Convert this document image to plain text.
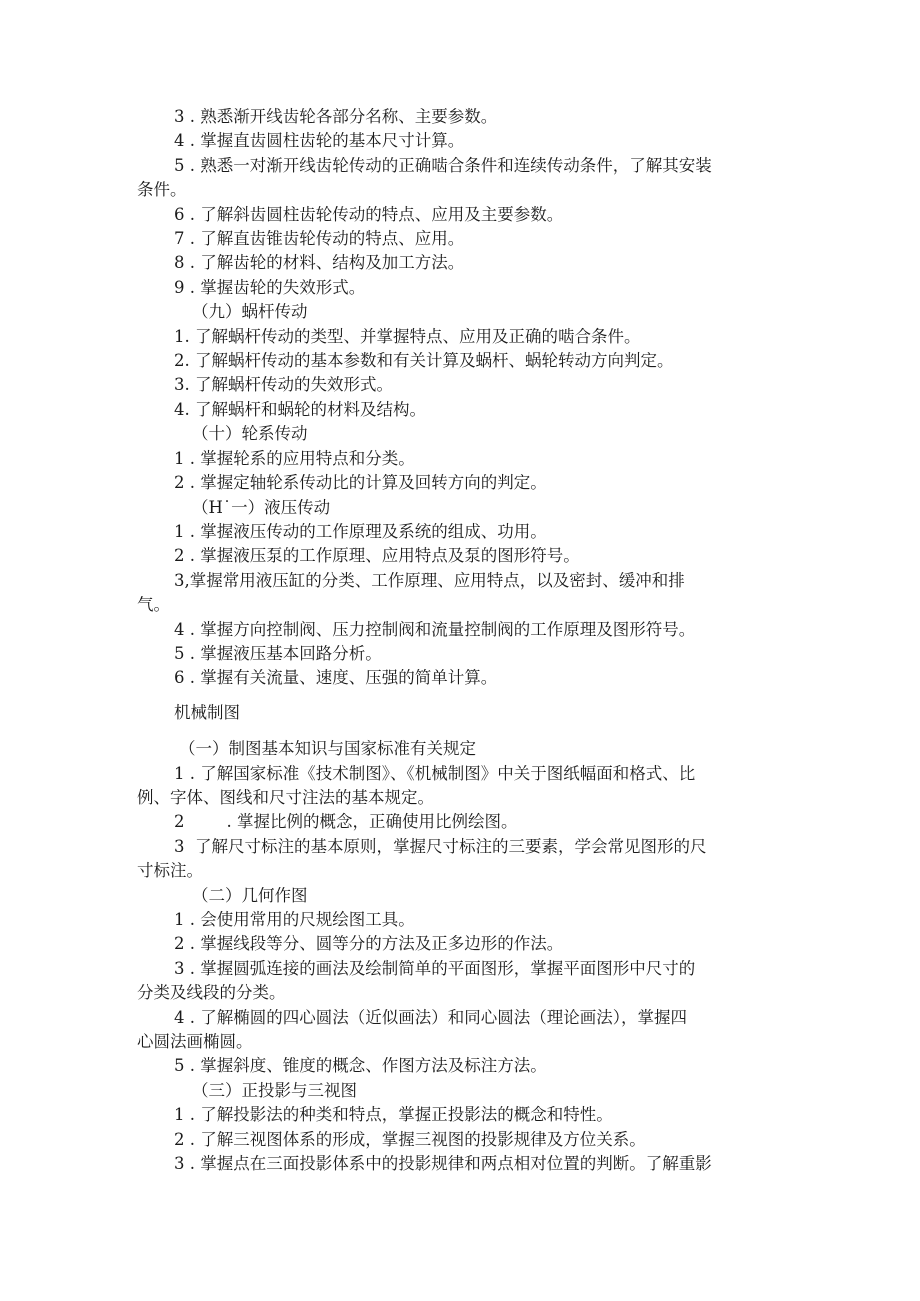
3 . 熟悉渐开线齿轮各部分名称、主要参数。
4 . 掌握直齿圆柱齿轮的基本尺寸计算。
5 . 熟悉一对渐开线齿轮传动的正确啮合条件和连续传动条件，了解其安装
条件。
6 . 了解斜齿圆柱齿轮传动的特点、应用及主要参数。
7 . 了解直齿锥齿轮传动的特点、应用。
8 . 了解齿轮的材料、结构及加工方法。
9 . 掌握齿轮的失效形式。
（九）蜗杆传动
1. 了解蜗杆传动的类型、并掌握特点、应用及正确的啮合条件。
2. 了解蜗杆传动的基本参数和有关计算及蜗杆、蜗轮转动方向判定。
3. 了解蜗杆传动的失效形式。
4. 了解蜗杆和蜗轮的材料及结构。
（十）轮系传动
1 . 掌握轮系的应用特点和分类。
2 . 掌握定轴轮系传动比的计算及回转方向的判定。
（H˙一）液压传动
1 . 掌握液压传动的工作原理及系统的组成、功用。
2 . 掌握液压泵的工作原理、应用特点及泵的图形符号。
3,掌握常用液压缸的分类、工作原理、应用特点，以及密封、缓冲和排
气。
4 . 掌握方向控制阀、压力控制阀和流量控制阀的工作原理及图形符号。
5 . 掌握液压基本回路分析。
6 . 掌握有关流量、速度、压强的简单计算。
机械制图
（一）制图基本知识与国家标准有关规定
1 . 了解国家标准《技术制图》、《机械制图》中关于图纸幅面和格式、比
例、字体、图线和尺寸注法的基本规定。
2        . 掌握比例的概念，正确使用比例绘图。
3  了解尺寸标注的基本原则，掌握尺寸标注的三要素，学会常见图形的尺
寸标注。
（二）几何作图
1 . 会使用常用的尺规绘图工具。
2 . 掌握线段等分、圆等分的方法及正多边形的作法。
3 . 掌握圆弧连接的画法及绘制简单的平面图形，掌握平面图形中尺寸的
分类及线段的分类。
4 . 了解椭圆的四心圆法（近似画法）和同心圆法（理论画法），掌握四
心圆法画椭圆。
5 . 掌握斜度、锥度的概念、作图方法及标注方法。
（三）正投影与三视图
1 . 了解投影法的种类和特点，掌握正投影法的概念和特性。
2 . 了解三视图体系的形成，掌握三视图的投影规律及方位关系。
3 . 掌握点在三面投影体系中的投影规律和两点相对位置的判断。了解重影
